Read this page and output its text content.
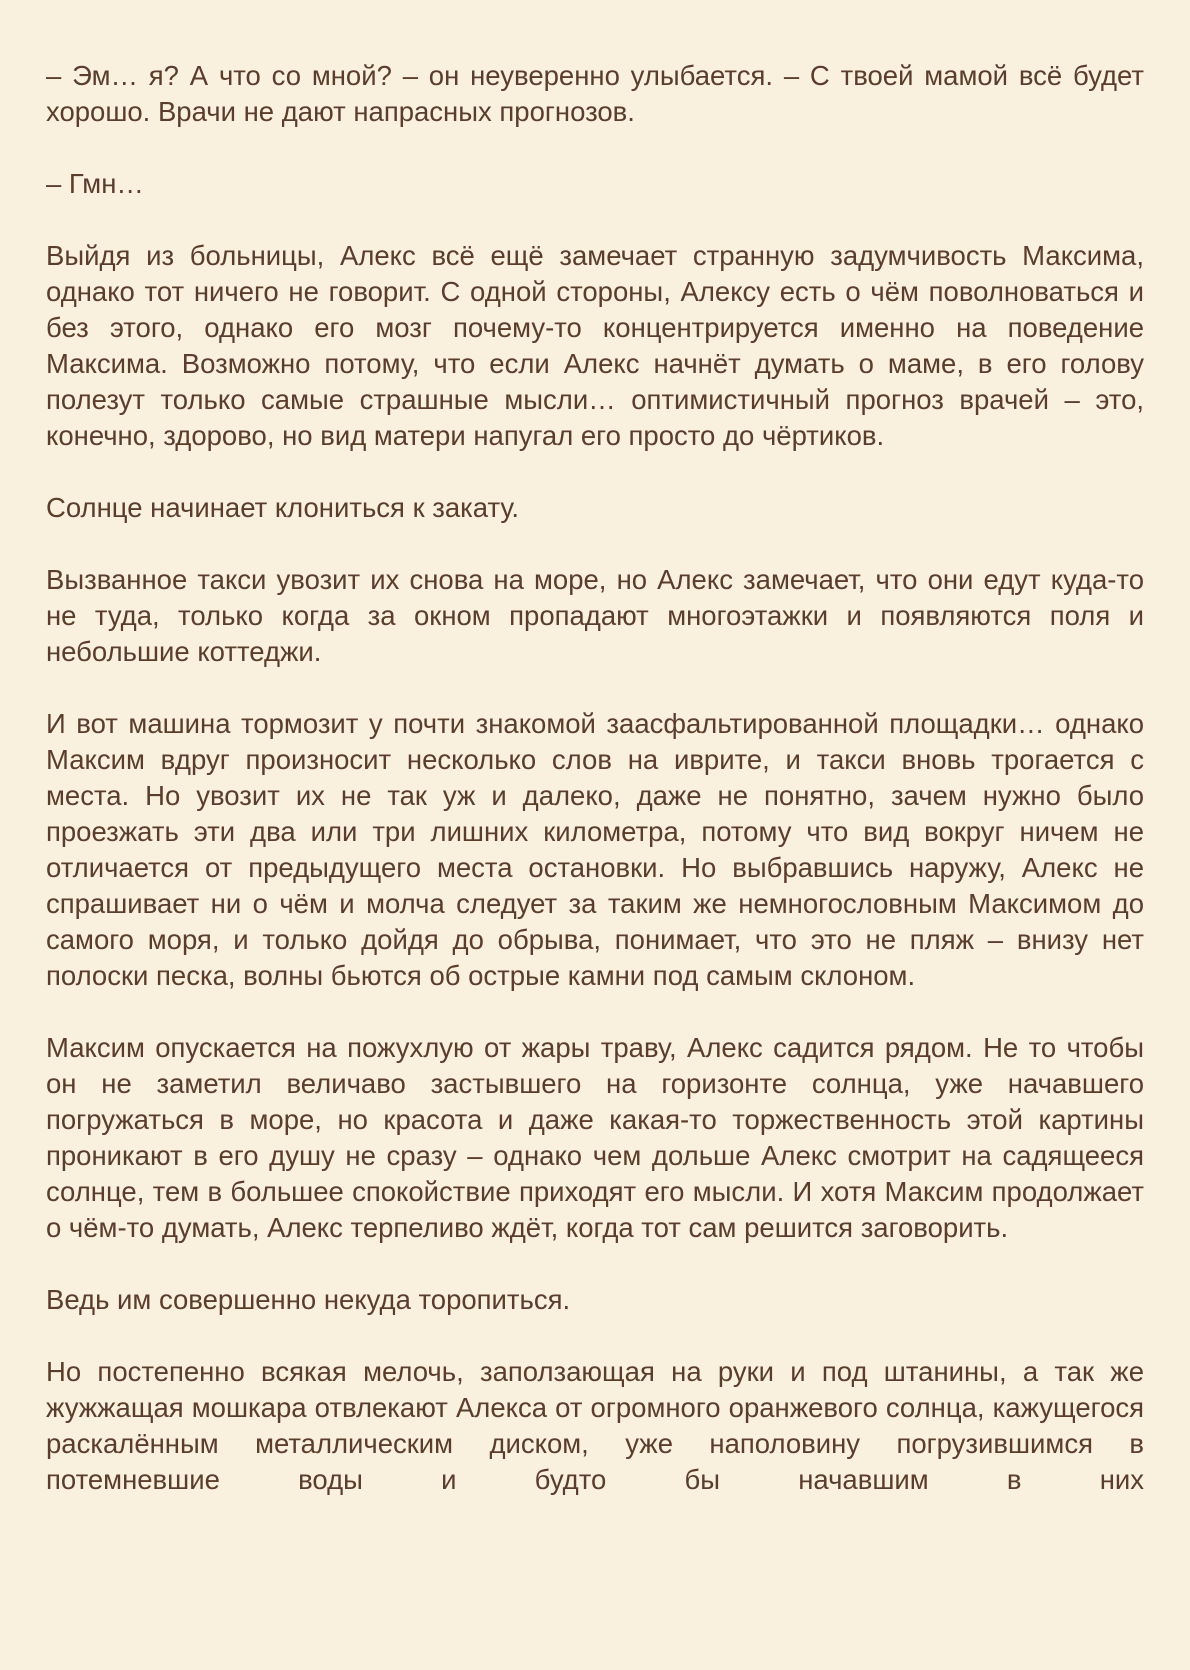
– Эм… я? А что со мной? – он неуверенно улыбается. – С твоей мамой всё будет хорошо. Врачи не дают напрасных прогнозов.

– Гмн…

Выйдя из больницы, Алекс всё ещё замечает странную задумчивость Максима, однако тот ничего не говорит. С одной стороны, Алексу есть о чём поволноваться и без этого, однако его мозг почему-то концентрируется именно на поведение Максима. Возможно потому, что если Алекс начнёт думать о маме, в его голову полезут только самые страшные мысли… оптимистичный прогноз врачей – это, конечно, здорово, но вид матери напугал его просто до чёртиков.

Солнце начинает клониться к закату.

Вызванное такси увозит их снова на море, но Алекс замечает, что они едут куда-то не туда, только когда за окном пропадают многоэтажки и появляются поля и небольшие коттеджи.

И вот машина тормозит у почти знакомой заасфальтированной площадки… однако Максим вдруг произносит несколько слов на иврите, и такси вновь трогается с места. Но увозит их не так уж и далеко, даже не понятно, зачем нужно было проезжать эти два или три лишних километра, потому что вид вокруг ничем не отличается от предыдущего места остановки. Но выбравшись наружу, Алекс не спрашивает ни о чём и молча следует за таким же немногословным Максимом до самого моря, и только дойдя до обрыва, понимает, что это не пляж – внизу нет полоски песка, волны бьются об острые камни под самым склоном.

Максим опускается на пожухлую от жары траву, Алекс садится рядом. Не то чтобы он не заметил величаво застывшего на горизонте солнца, уже начавшего погружаться в море, но красота и даже какая-то торжественность этой картины проникают в его душу не сразу – однако чем дольше Алекс смотрит на садящееся солнце, тем в большее спокойствие приходят его мысли. И хотя Максим продолжает о чём-то думать, Алекс терпеливо ждёт, когда тот сам решится заговорить.

Ведь им совершенно некуда торопиться.

Но постепенно всякая мелочь, заползающая на руки и под штанины, а так же жужжащая мошкара отвлекают Алекса от огромного оранжевого солнца, кажущегося раскалённым металлическим диском, уже наполовину погрузившимся в потемневшие воды и будто бы начавшим в них
